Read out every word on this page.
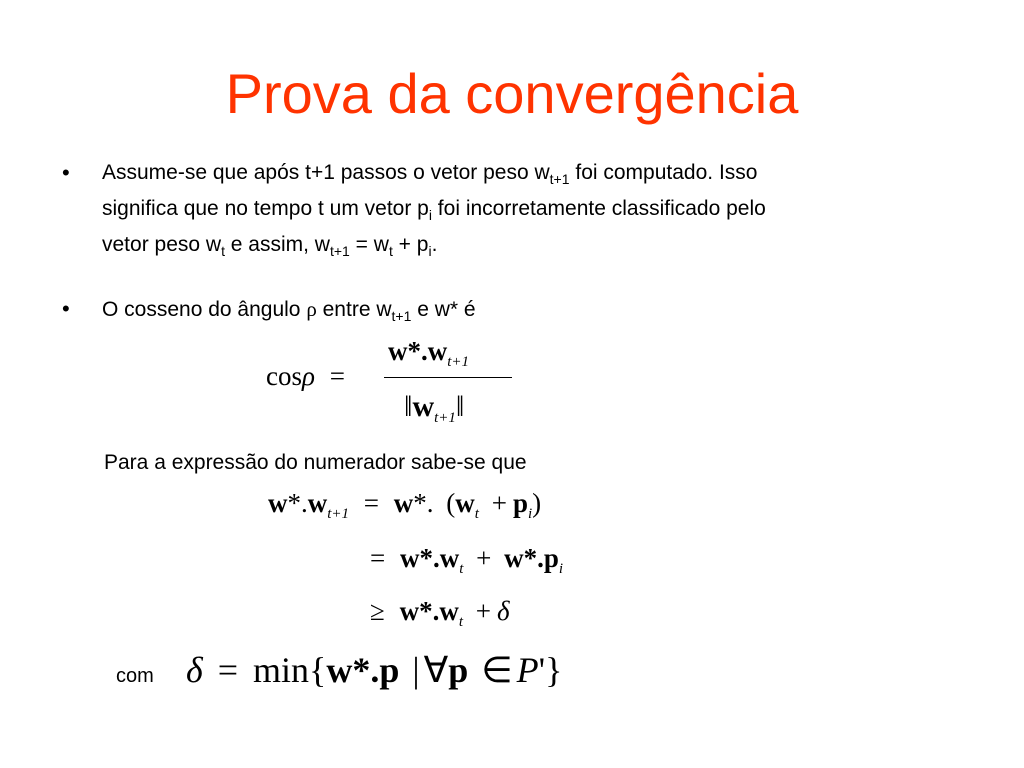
Prova da convergência
• Assume-se que após t+1 passos o vetor peso $w_{t+1}$ foi computado. Isso
significa que no tempo t um vetor $p_i$ foi incorretamente classificado pelo
vetor peso $w_t$ e assim, $w_{t+1} = w_t + p_i$.
• O cosseno do ângulo ρ entre $w_{t+1}$ e w* é
cosρ =
$w*.w_{t+1}$
$‖w_{t+1}‖$
Para a expressão do numerador sabe-se que
$w*.w_{t+1} = w*$. $(w_t + p_i)$
= $w*.w_t + w*.p_i$
≥ $w*.w_t + \delta$
com δ = min{w*.p | ∀p ∈ P'}
